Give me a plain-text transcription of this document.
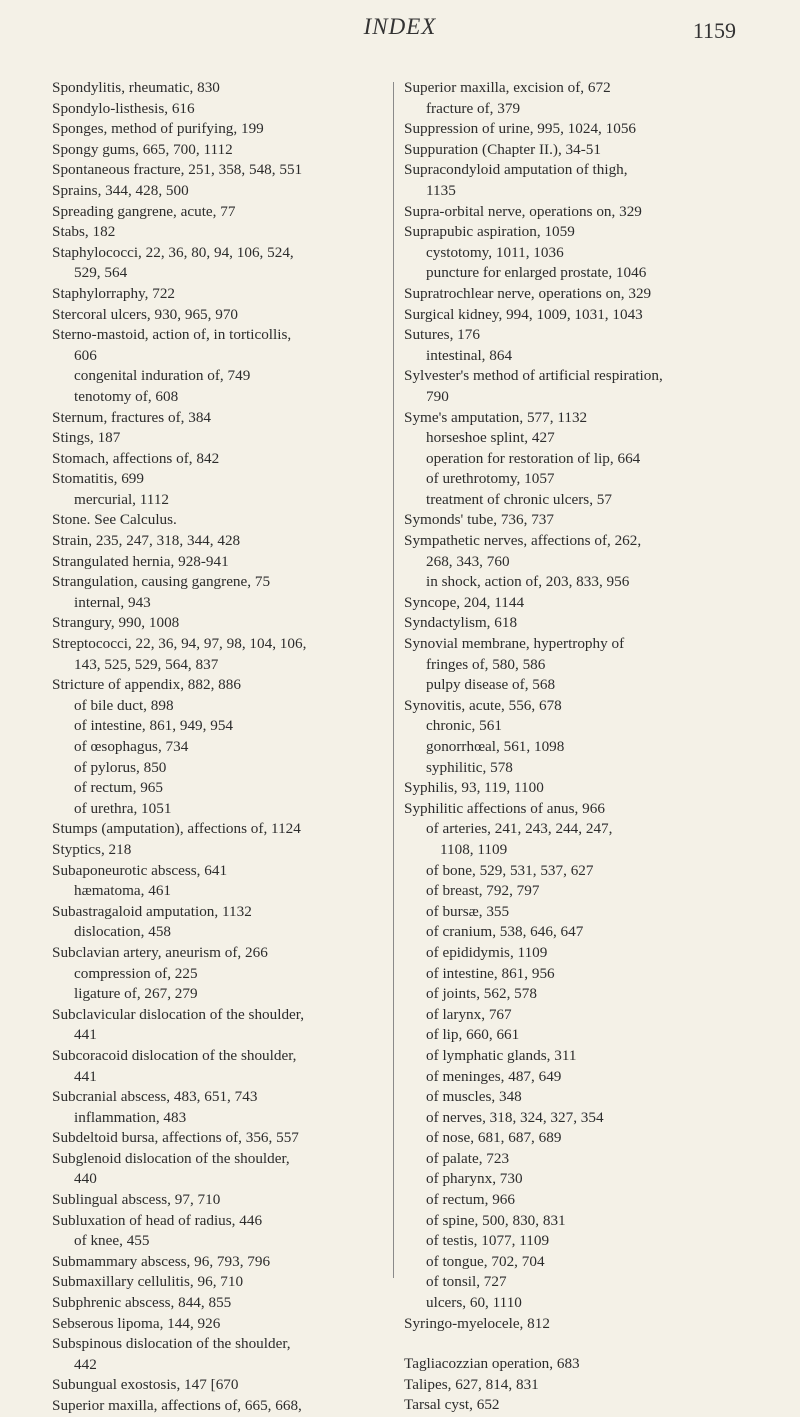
INDEX	1159
Spondylitis, rheumatic, 830
Spondylo-listhesis, 616
Sponges, method of purifying, 199
Spongy gums, 665, 700, 1112
Spontaneous fracture, 251, 358, 548, 551
Sprains, 344, 428, 500
Spreading gangrene, acute, 77
Stabs, 182
Staphylococci, 22, 36, 80, 94, 106, 524,
529, 564
Staphylorraphy, 722
Stercoral ulcers, 930, 965, 970
Sterno-mastoid, action of, in torticollis,
606
congenital induration of, 749
tenotomy of, 608
Sternum, fractures of, 384
Stings, 187
Stomach, affections of, 842
Stomatitis, 699
mercurial, 1112
Stone. See Calculus.
Strain, 235, 247, 318, 344, 428
Strangulated hernia, 928-941
Strangulation, causing gangrene, 75
internal, 943
Strangury, 990, 1008
Streptococci, 22, 36, 94, 97, 98, 104, 106,
143, 525, 529, 564, 837
Stricture of appendix, 882, 886
of bile duct, 898
of intestine, 861, 949, 954
of œsophagus, 734
of pylorus, 850
of rectum, 965
of urethra, 1051
Stumps (amputation), affections of, 1124
Styptics, 218
Subaponeurotic abscess, 641
hæmatoma, 461
Subastragaloid amputation, 1132
dislocation, 458
Subclavian artery, aneurism of, 266
compression of, 225
ligature of, 267, 279
Subclavicular dislocation of the shoulder,
441
Subcoracoid dislocation of the shoulder,
441
Subcranial abscess, 483, 651, 743
inflammation, 483
Subdeltoid bursa, affections of, 356, 557
Subglenoid dislocation of the shoulder,
440
Sublingual abscess, 97, 710
Subluxation of head of radius, 446
of knee, 455
Submammary abscess, 96, 793, 796
Submaxillary cellulitis, 96, 710
Subphrenic abscess, 844, 855
Sebserous lipoma, 144, 926
Subspinous dislocation of the shoulder,
442
Subungual exostosis, 147 [670
Superior maxilla, affections of, 665, 668,
Superior maxilla, excision of, 672
fracture of, 379
Suppression of urine, 995, 1024, 1056
Suppuration (Chapter II.), 34-51
Supracondyloid amputation of thigh,
1135
Supra-orbital nerve, operations on, 329
Suprapubic aspiration, 1059
cystotomy, 1011, 1036
puncture for enlarged prostate, 1046
Supratrochlear nerve, operations on, 329
Surgical kidney, 994, 1009, 1031, 1043
Sutures, 176
intestinal, 864
Sylvester's method of artificial respiration,
790
Syme's amputation, 577, 1132
horseshoe splint, 427
operation for restoration of lip, 664
of urethrotomy, 1057
treatment of chronic ulcers, 57
Symonds' tube, 736, 737
Sympathetic nerves, affections of, 262,
268, 343, 760
in shock, action of, 203, 833, 956
Syncope, 204, 1144
Syndactylism, 618
Synovial membrane, hypertrophy of
fringes of, 580, 586
pulpy disease of, 568
Synovitis, acute, 556, 678
chronic, 561
gonorrhœal, 561, 1098
syphilitic, 578
Syphilis, 93, 119, 1100
Syphilitic affections of anus, 966
of arteries, 241, 243, 244, 247,
1108, 1109
of bone, 529, 531, 537, 627
of breast, 792, 797
of bursæ, 355
of cranium, 538, 646, 647
of epididymis, 1109
of intestine, 861, 956
of joints, 562, 578
of larynx, 767
of lip, 660, 661
of lymphatic glands, 311
of meninges, 487, 649
of muscles, 348
of nerves, 318, 324, 327, 354
of nose, 681, 687, 689
of palate, 723
of pharynx, 730
of rectum, 966
of spine, 500, 830, 831
of testis, 1077, 1109
of tongue, 702, 704
of tonsil, 727
ulcers, 60, 1110
Syringo-myelocele, 812
Tagliacozzian operation, 683
Talipes, 627, 814, 831
Tarsal cyst, 652
